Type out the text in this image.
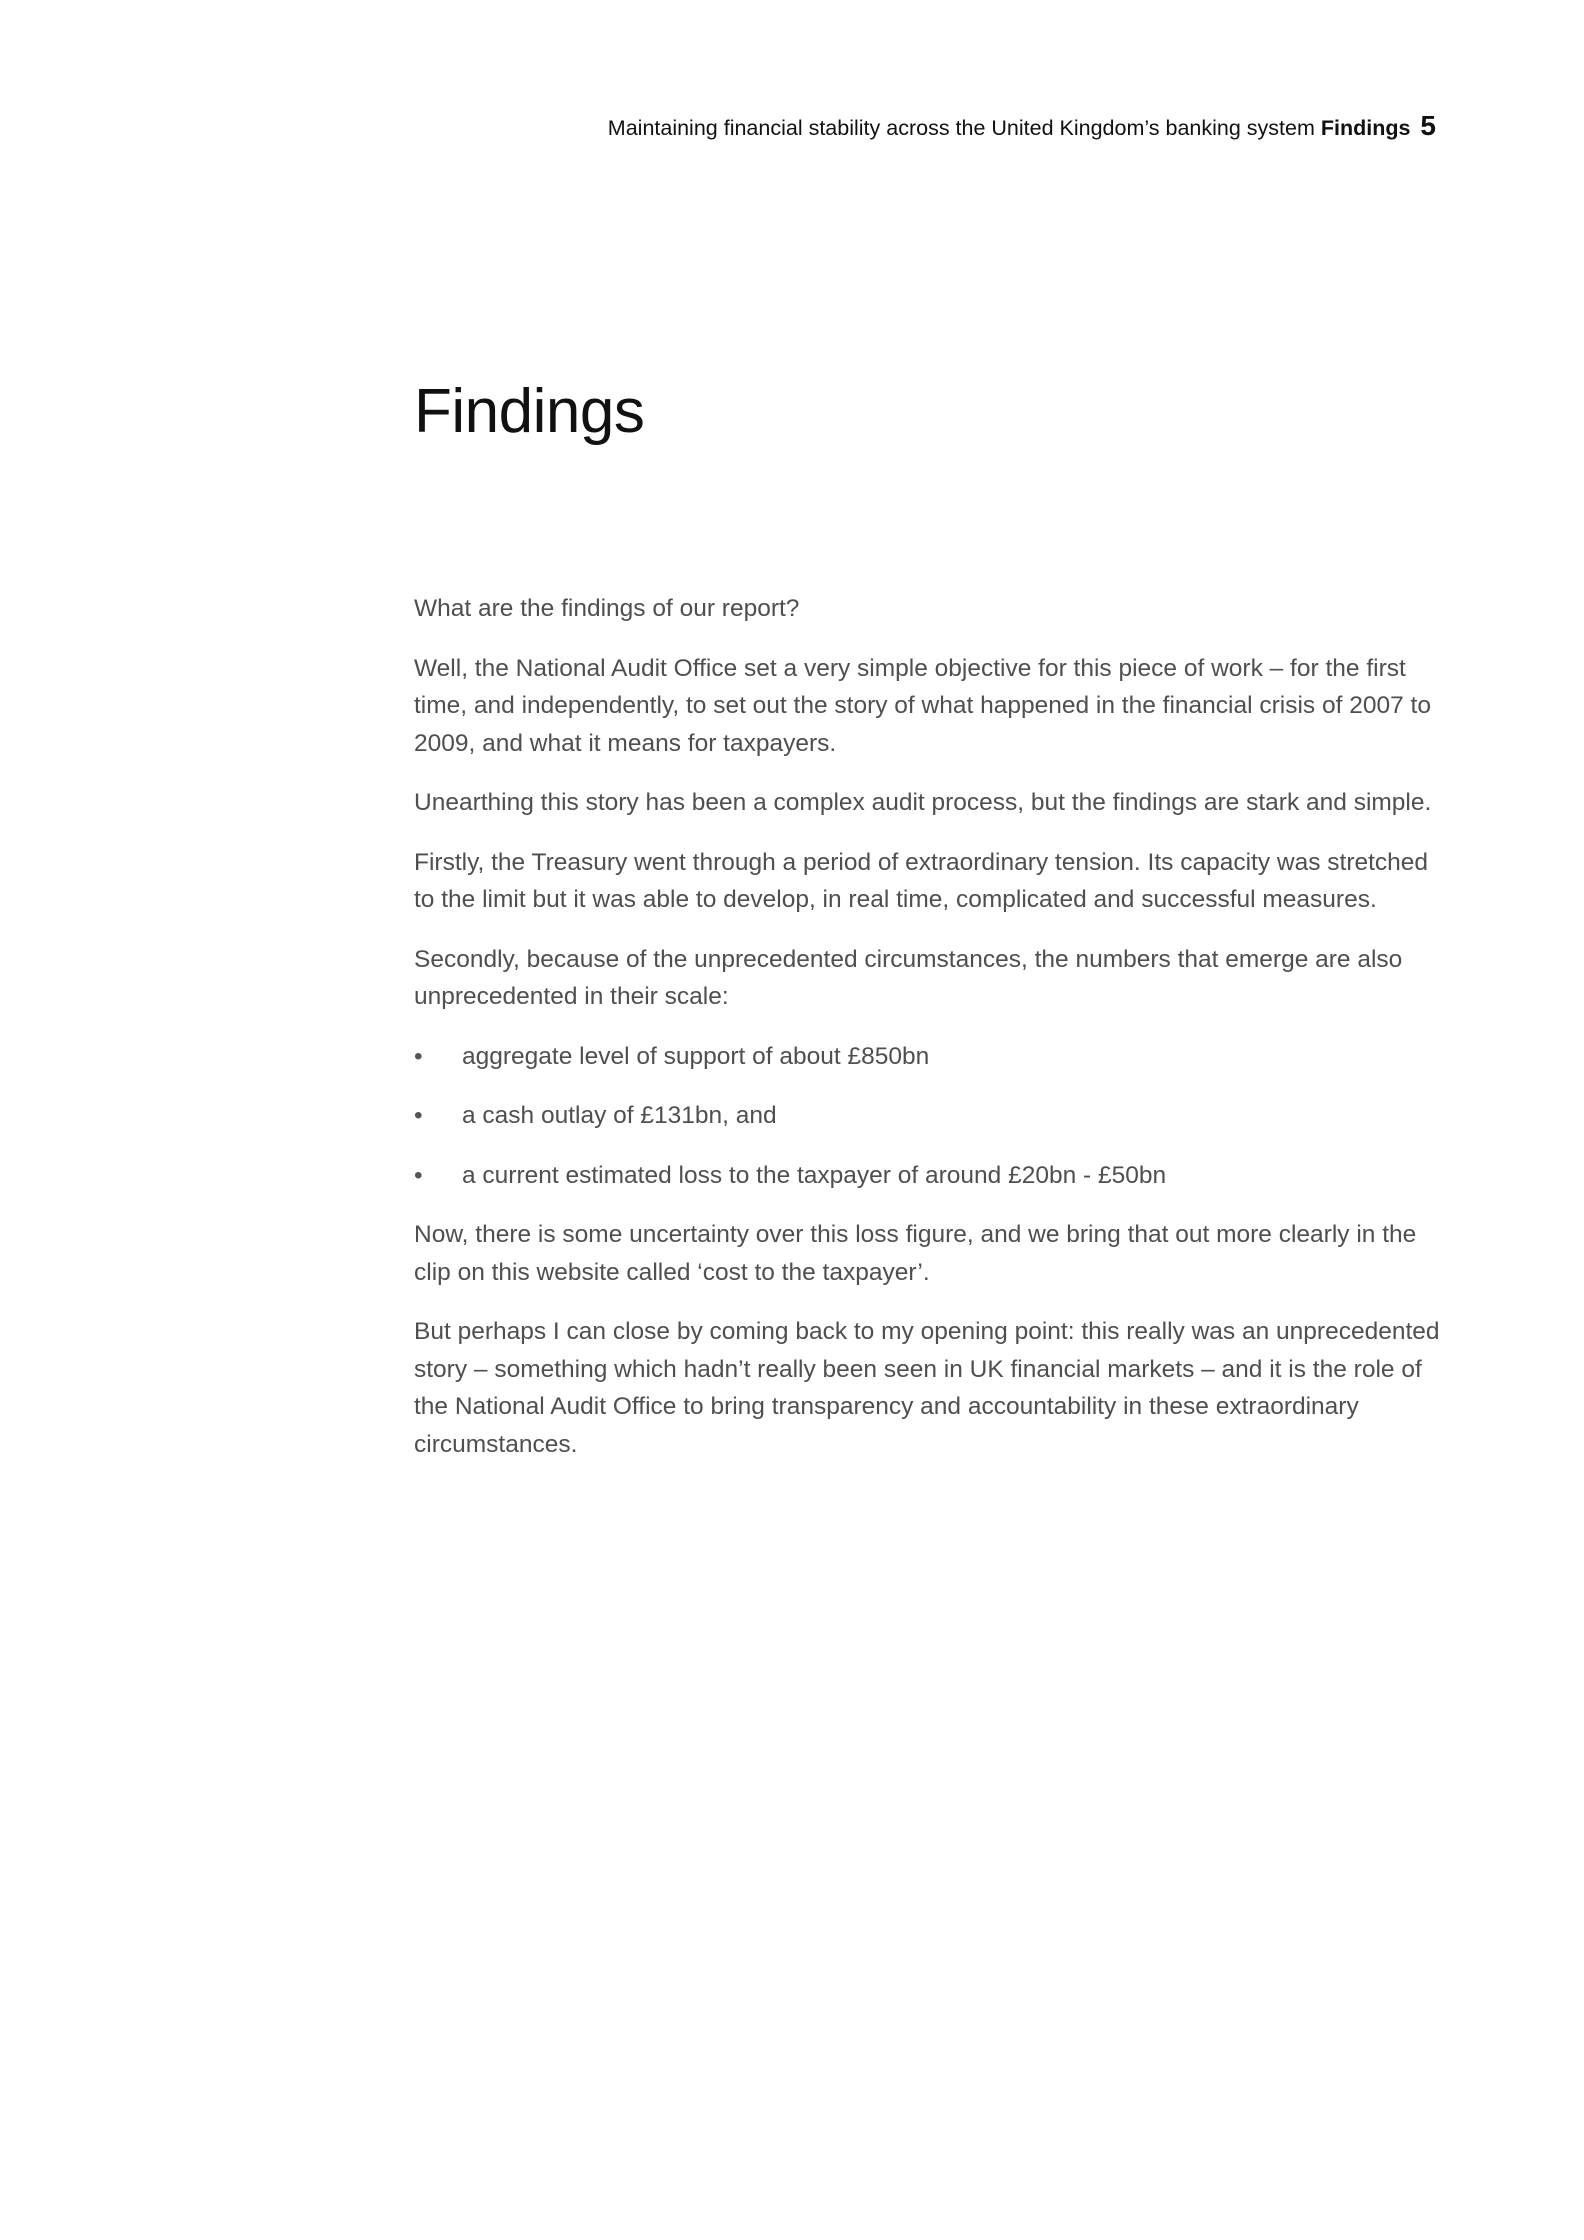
Maintaining financial stability across the United Kingdom’s banking system Findings 5
Findings

What are the findings of our report?

Well, the National Audit Office set a very simple objective for this piece of work – for the first time, and independently, to set out the story of what happened in the financial crisis of 2007 to 2009, and what it means for taxpayers.

Unearthing this story has been a complex audit process, but the findings are stark and simple.

Firstly, the Treasury went through a period of extraordinary tension. Its capacity was stretched to the limit but it was able to develop, in real time, complicated and successful measures.

Secondly, because of the unprecedented circumstances, the numbers that emerge are also unprecedented in their scale:

• aggregate level of support of about £850bn
• a cash outlay of £131bn, and
• a current estimated loss to the taxpayer of around £20bn - £50bn

Now, there is some uncertainty over this loss figure, and we bring that out more clearly in the clip on this website called ‘cost to the taxpayer’.

But perhaps I can close by coming back to my opening point: this really was an unprecedented story – something which hadn’t really been seen in UK financial markets – and it is the role of the National Audit Office to bring transparency and accountability in these extraordinary circumstances.
